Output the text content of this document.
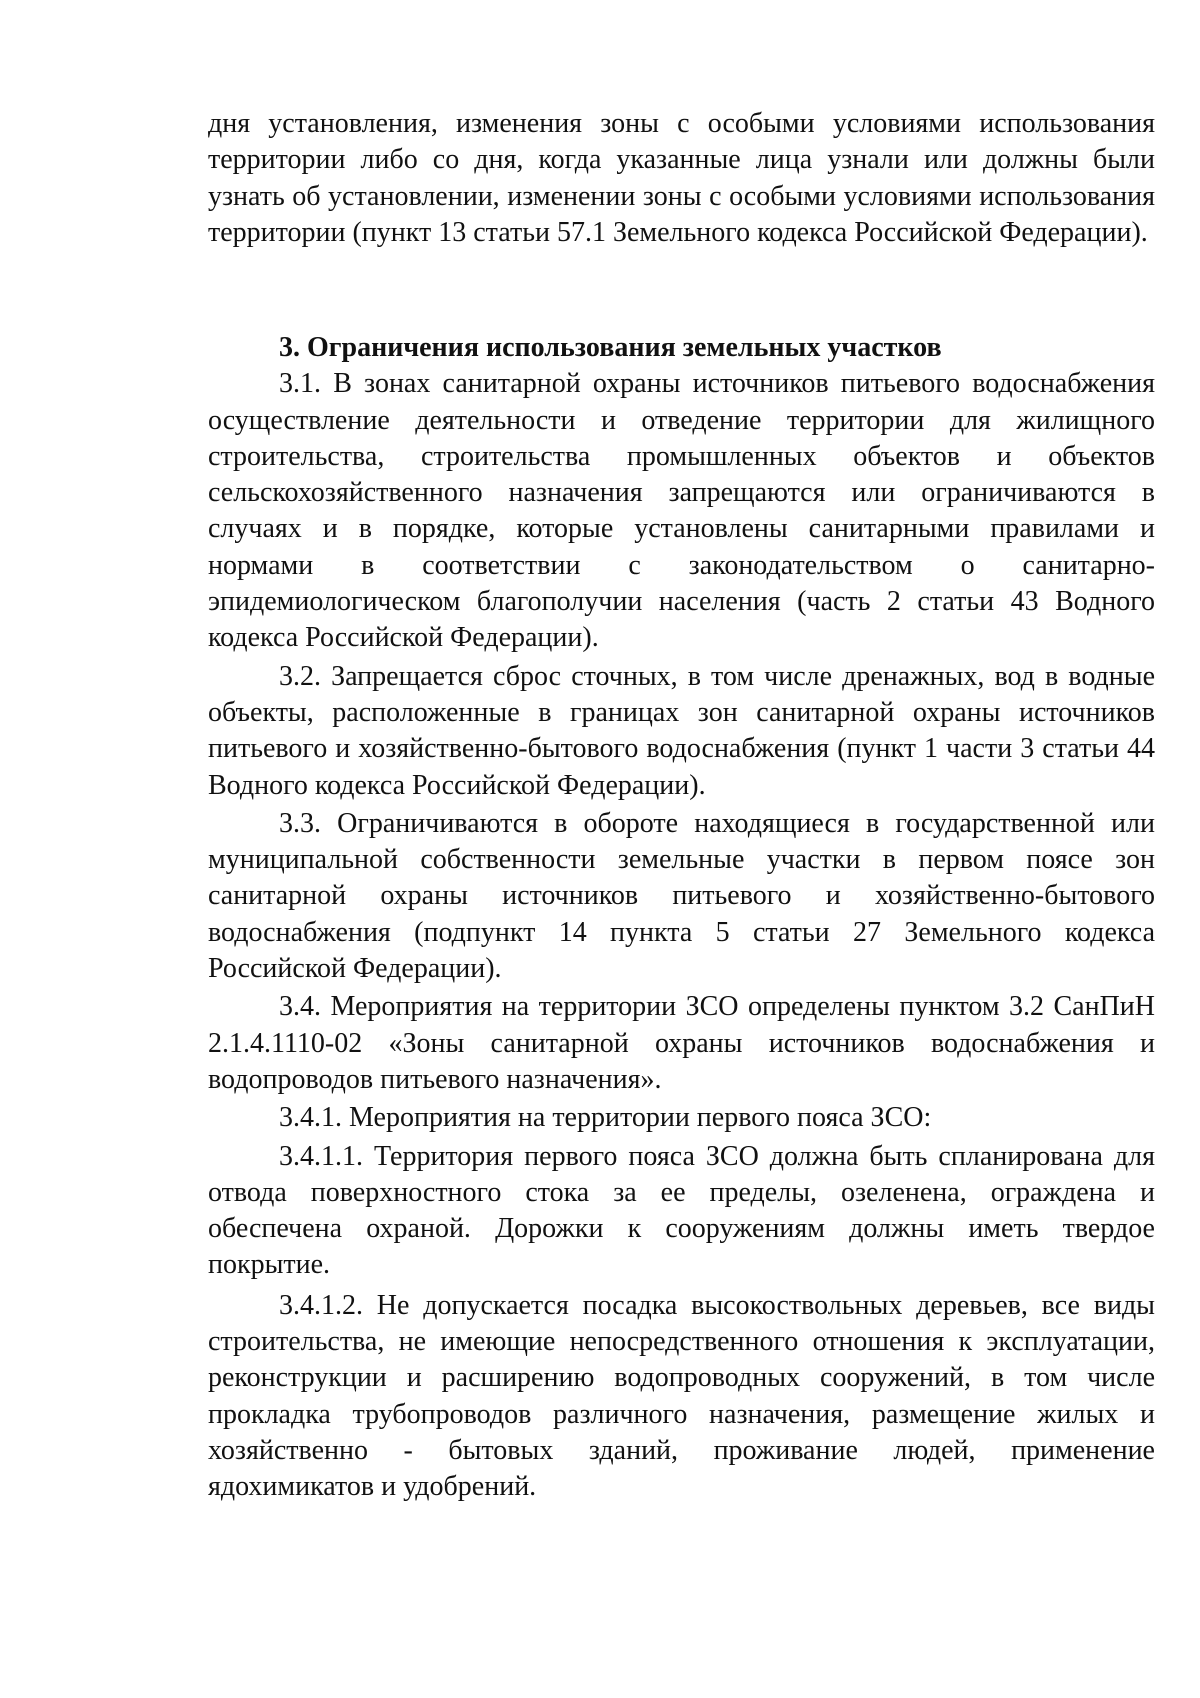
дня установления, изменения зоны с особыми условиями использования территории либо со дня, когда указанные лица узнали или должны были узнать об установлении, изменении зоны с особыми условиями использования территории (пункт 13 статьи 57.1 Земельного кодекса Российской Федерации).

3. Ограничения использования земельных участков

3.1. В зонах санитарной охраны источников питьевого водоснабжения осуществление деятельности и отведение территории для жилищного строительства, строительства промышленных объектов и объектов сельскохозяйственного назначения запрещаются или ограничиваются в случаях и в порядке, которые установлены санитарными правилами и нормами в соответствии с законодательством о санитарно-эпидемиологическом благополучии населения (часть 2 статьи 43 Водного кодекса Российской Федерации).

3.2. Запрещается сброс сточных, в том числе дренажных, вод в водные объекты, расположенные в границах зон санитарной охраны источников питьевого и хозяйственно-бытового водоснабжения (пункт 1 части 3 статьи 44 Водного кодекса Российской Федерации).

3.3. Ограничиваются в обороте находящиеся в государственной или муниципальной собственности земельные участки в первом поясе зон санитарной охраны источников питьевого и хозяйственно-бытового водоснабжения (подпункт 14 пункта 5 статьи 27 Земельного кодекса Российской Федерации).

3.4. Мероприятия на территории ЗСО определены пунктом 3.2 СанПиН 2.1.4.1110-02 «Зоны санитарной охраны источников водоснабжения и водопроводов питьевого назначения».

3.4.1. Мероприятия на территории первого пояса ЗСО:

3.4.1.1. Территория первого пояса ЗСО должна быть спланирована для отвода поверхностного стока за ее пределы, озеленена, ограждена и обеспечена охраной. Дорожки к сооружениям должны иметь твердое покрытие.

3.4.1.2. Не допускается посадка высокоствольных деревьев, все виды строительства, не имеющие непосредственного отношения к эксплуатации, реконструкции и расширению водопроводных сооружений, в том числе прокладка трубопроводов различного назначения, размещение жилых и хозяйственно - бытовых зданий, проживание людей, применение ядохимикатов и удобрений.
